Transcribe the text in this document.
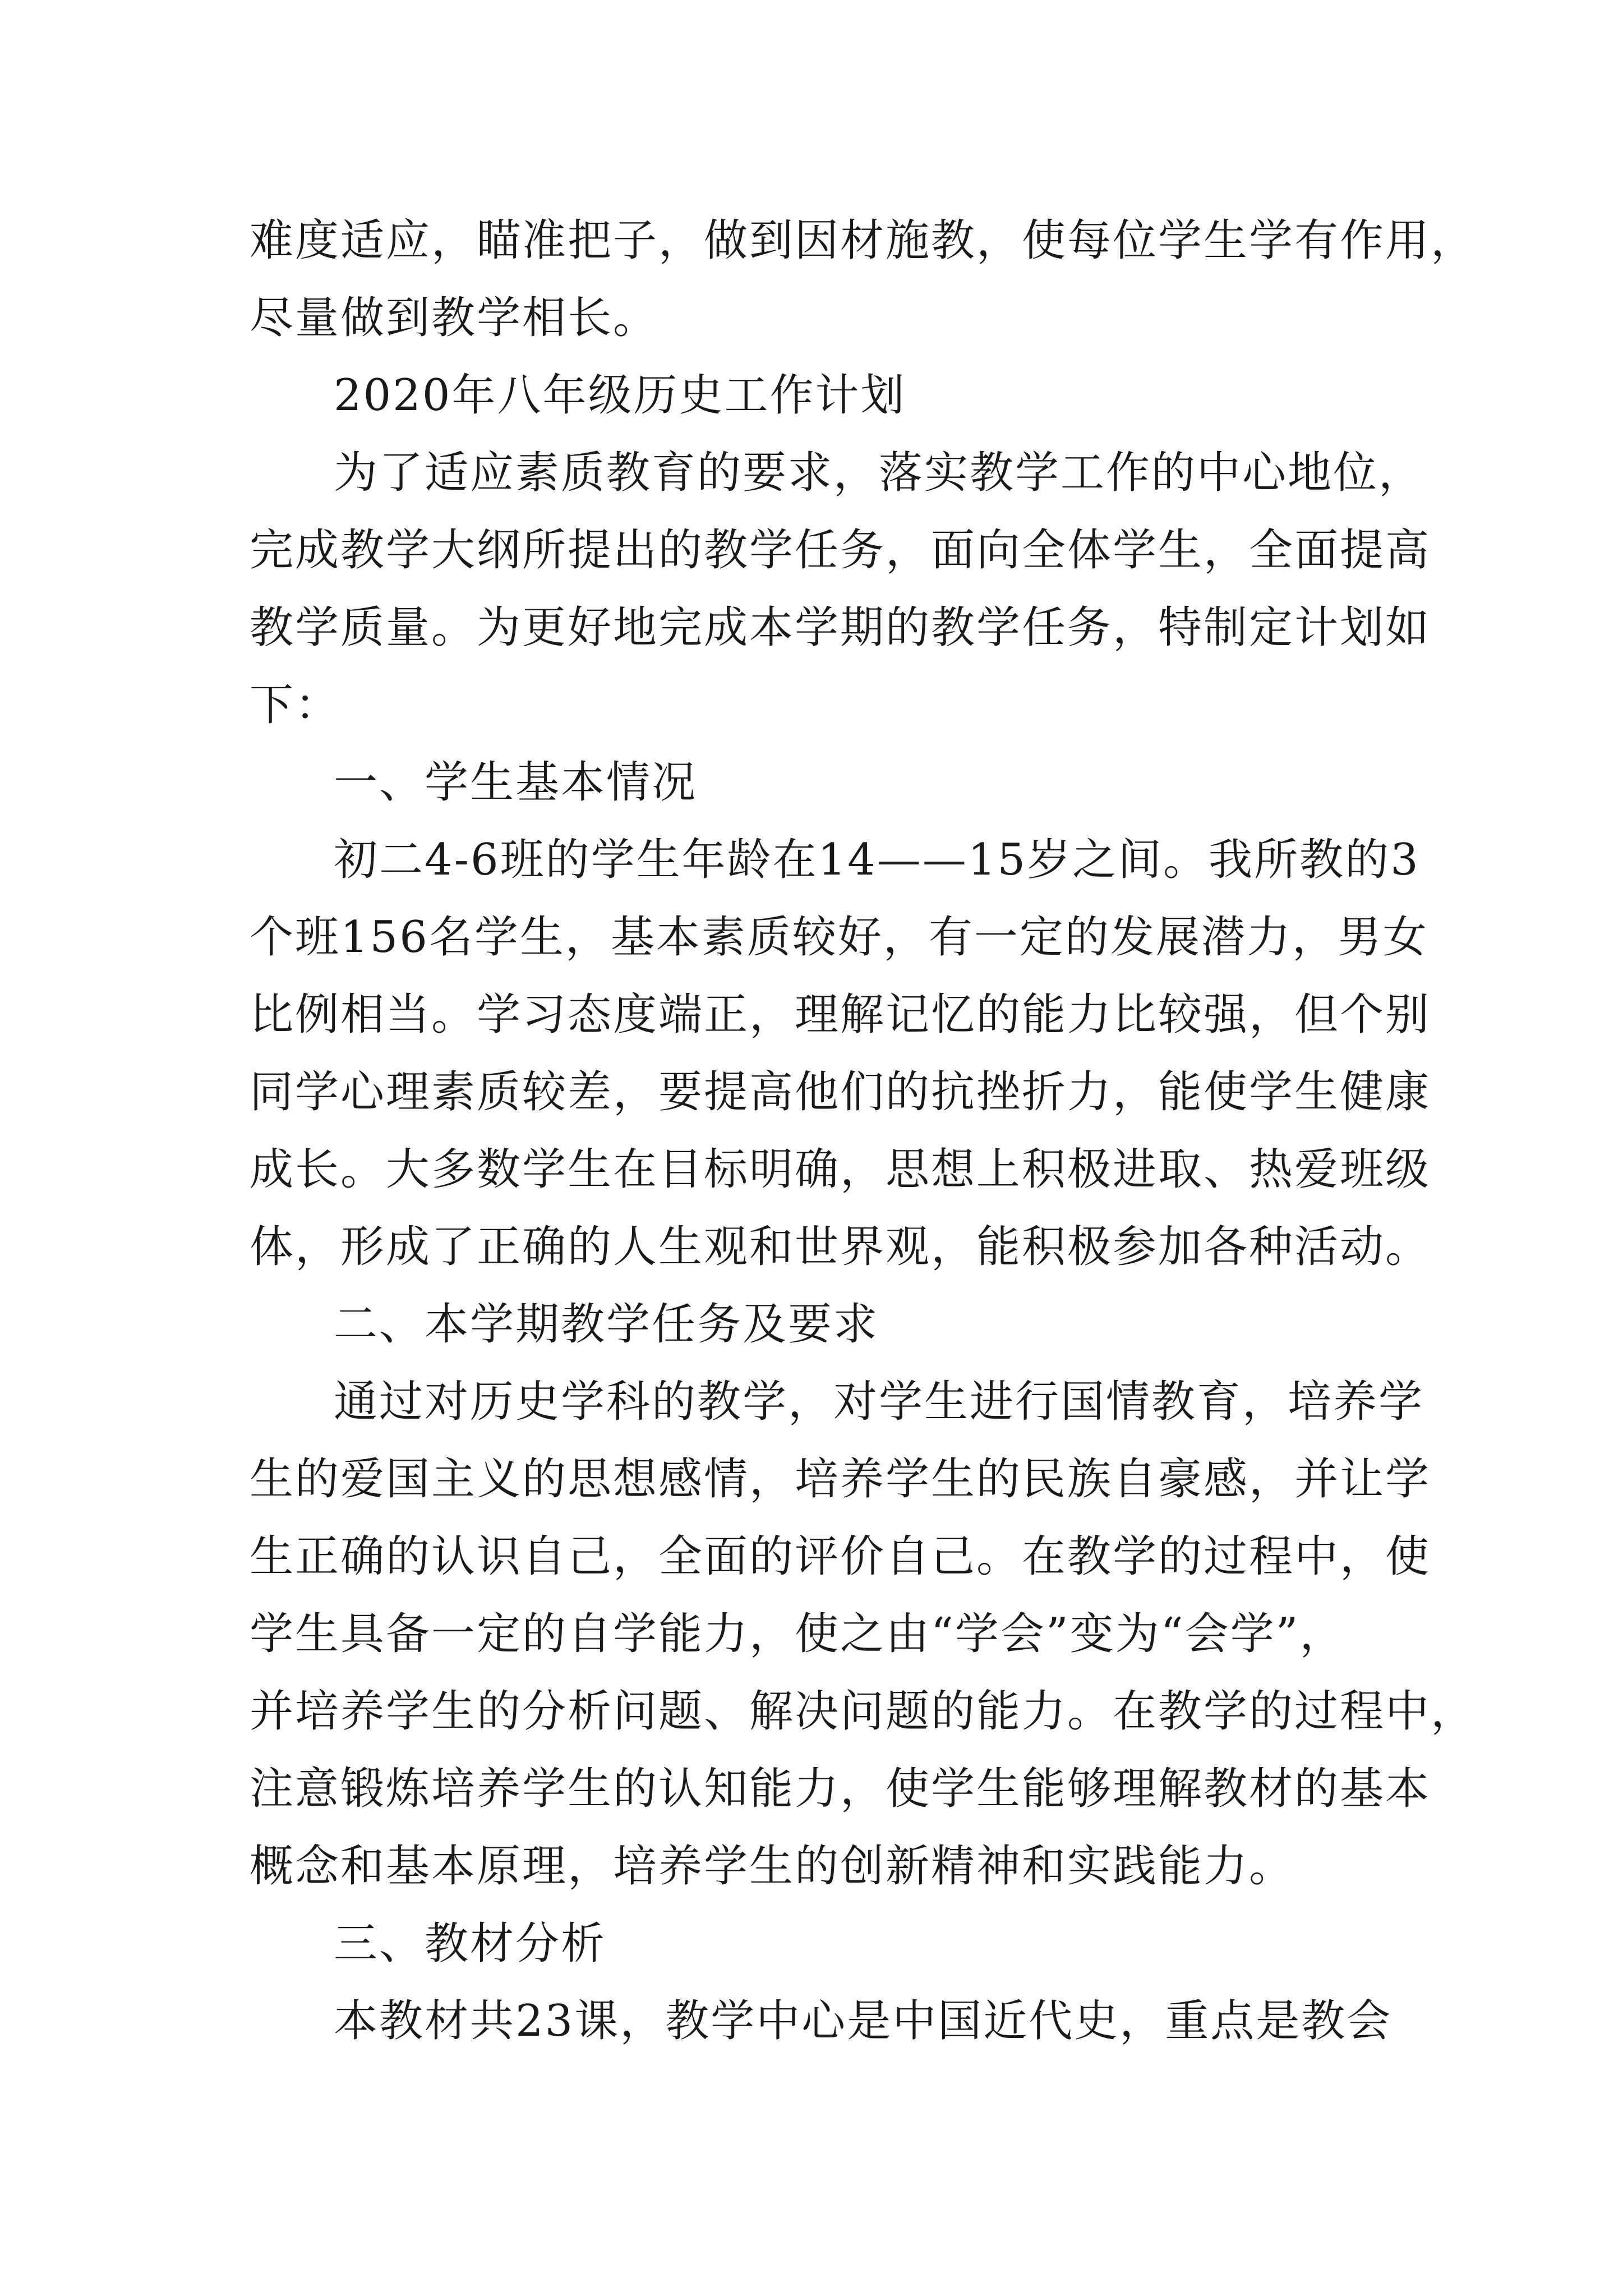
难度适应，瞄准把子，做到因材施教，使每位学生学有作用，
尽量做到教学相长。
2020年八年级历史工作计划
为了适应素质教育的要求，落实教学工作的中心地位，
完成教学大纲所提出的教学任务，面向全体学生，全面提高
教学质量。为更好地完成本学期的教学任务，特制定计划如
下：
一、学生基本情况
初二4-6班的学生年龄在14——15岁之间。我所教的3
个班156名学生，基本素质较好，有一定的发展潜力，男女
比例相当。学习态度端正，理解记忆的能力比较强，但个别
同学心理素质较差，要提高他们的抗挫折力，能使学生健康
成长。大多数学生在目标明确，思想上积极进取、热爱班级
体，形成了正确的人生观和世界观，能积极参加各种活动。
二、本学期教学任务及要求
通过对历史学科的教学，对学生进行国情教育，培养学
生的爱国主义的思想感情，培养学生的民族自豪感，并让学
生正确的认识自己，全面的评价自己。在教学的过程中，使
学生具备一定的自学能力，使之由“学会”变为“会学”，
并培养学生的分析问题、解决问题的能力。在教学的过程中，
注意锻炼培养学生的认知能力，使学生能够理解教材的基本
概念和基本原理，培养学生的创新精神和实践能力。
三、教材分析
本教材共23课，教学中心是中国近代史，重点是教会
